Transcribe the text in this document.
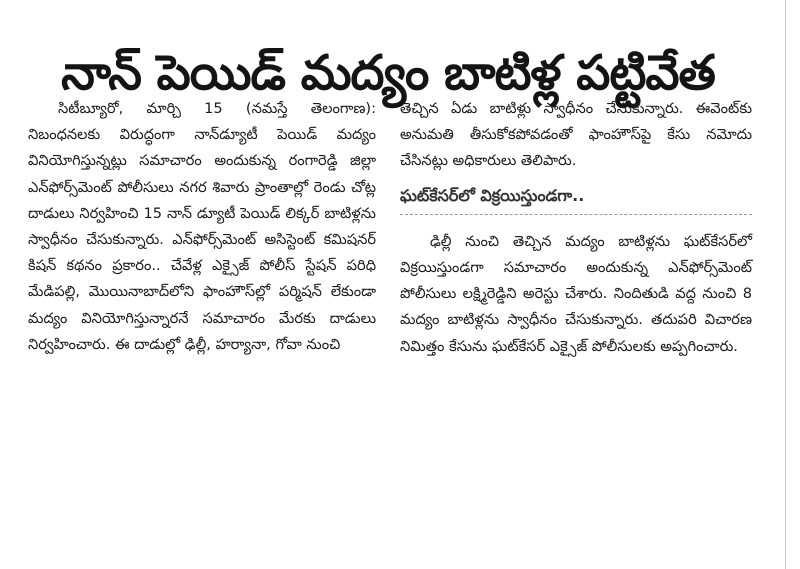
నాన్ పెయిడ్ మద్యం బాటిళ్ల పట్టివేత

సిటీబ్యూరో, మార్చి 15 (నమస్తే తెలంగాణ): నిబంధనలకు విరుద్ధంగా నాన్‌డ్యూటీ పెయిడ్ మద్యం వినియోగిస్తున్నట్లు సమాచారం అందుకున్న రంగారెడ్డి జిల్లా ఎన్‌ఫోర్స్‌మెంట్ పోలీసులు నగర శివారు ప్రాంతాల్లో రెండు చోట్ల దాడులు నిర్వహించి 15 నాన్ డ్యూటీ పెయిడ్ లిక్కర్ బాటిళ్లను స్వాధీనం చేసుకున్నారు. ఎన్‌ఫోర్స్‌మెంట్ అసిస్టెంట్ కమిషనర్ కిషన్ కథనం ప్రకారం.. చేవేళ్ల ఎక్సైజ్ పోలీస్ స్టేషన్ పరిధి మేడిపల్లి, మొయినాబాద్‌లోని ఫాంహౌస్‌ల్లో పర్మిషన్ లేకుండా మద్యం వినియోగిస్తున్నారనే సమాచారం మేరకు దాడులు నిర్వహించారు. ఈ దాడుల్లో ఢిల్లీ, హర్యానా, గోవా నుంచి

తెచ్చిన ఏడు బాటిళ్లు స్వాధీనం చేసుకున్నారు. ఈవెంట్‌కు అనుమతి తీసుకోకపోవడంతో ఫాంహౌస్‌పై కేసు నమోదు చేసినట్లు అధికారులు తెలిపారు.

ఘట్‌కేసర్‌లో విక్రయిస్తుండగా..

ఢిల్లీ నుంచి తెచ్చిన మద్యం బాటిళ్లను ఘట్‌కేసర్‌లో విక్రయిస్తుండగా సమాచారం అందుకున్న ఎన్‌ఫోర్స్‌మెంట్ పోలీసులు లక్ష్మిరెడ్డిని అరెస్టు చేశారు. నిందితుడి వద్ద నుంచి 8 మద్యం బాటిళ్లను స్వాధీనం చేసుకున్నారు. తదుపరి విచారణ నిమిత్తం కేసును ఘట్‌కేసర్ ఎక్సైజ్ పోలీసులకు అప్పగించారు.
